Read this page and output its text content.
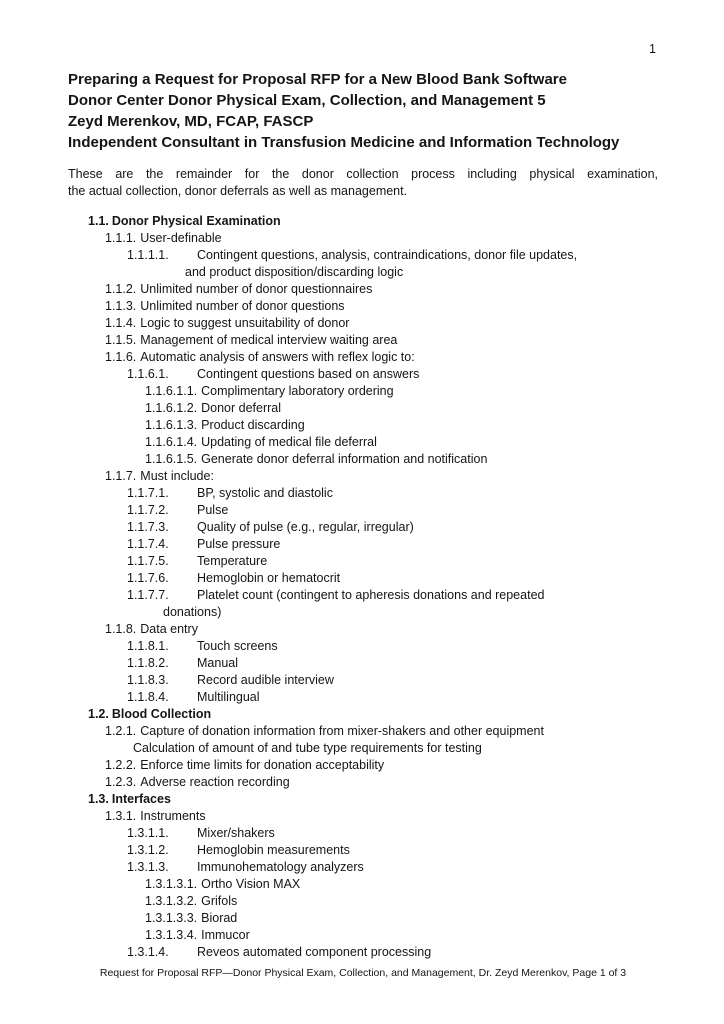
1
Preparing a Request for Proposal RFP for a New Blood Bank Software
Donor Center Donor Physical Exam, Collection, and Management 5
Zeyd Merenkov, MD, FCAP, FASCP
Independent Consultant in Transfusion Medicine and Information Technology
These are the remainder for the donor collection process including physical examination,
the actual collection, donor deferrals as well as management.
1.1. Donor Physical Examination
1.1.1. User-definable
1.1.1.1. Contingent questions, analysis, contraindications, donor file updates,
and product disposition/discarding logic
1.1.2. Unlimited number of donor questionnaires
1.1.3. Unlimited number of donor questions
1.1.4. Logic to suggest unsuitability of donor
1.1.5. Management of medical interview waiting area
1.1.6. Automatic analysis of answers with reflex logic to:
1.1.6.1. Contingent questions based on answers
1.1.6.1.1. Complimentary laboratory ordering
1.1.6.1.2. Donor deferral
1.1.6.1.3. Product discarding
1.1.6.1.4. Updating of medical file deferral
1.1.6.1.5. Generate donor deferral information and notification
1.1.7. Must include:
1.1.7.1. BP, systolic and diastolic
1.1.7.2. Pulse
1.1.7.3. Quality of pulse (e.g., regular, irregular)
1.1.7.4. Pulse pressure
1.1.7.5. Temperature
1.1.7.6. Hemoglobin or hematocrit
1.1.7.7. Platelet count (contingent to apheresis donations and repeated
donations)
1.1.8. Data entry
1.1.8.1. Touch screens
1.1.8.2. Manual
1.1.8.3. Record audible interview
1.1.8.4. Multilingual
1.2. Blood Collection
1.2.1. Capture of donation information from mixer-shakers and other equipment
Calculation of amount of and tube type requirements for testing
1.2.2. Enforce time limits for donation acceptability
1.2.3. Adverse reaction recording
1.3. Interfaces
1.3.1. Instruments
1.3.1.1. Mixer/shakers
1.3.1.2. Hemoglobin measurements
1.3.1.3. Immunohematology analyzers
1.3.1.3.1. Ortho Vision MAX
1.3.1.3.2. Grifols
1.3.1.3.3. Biorad
1.3.1.3.4. Immucor
1.3.1.4. Reveos automated component processing
Request for Proposal RFP—Donor Physical Exam, Collection, and Management, Dr. Zeyd Merenkov, Page 1 of 3
